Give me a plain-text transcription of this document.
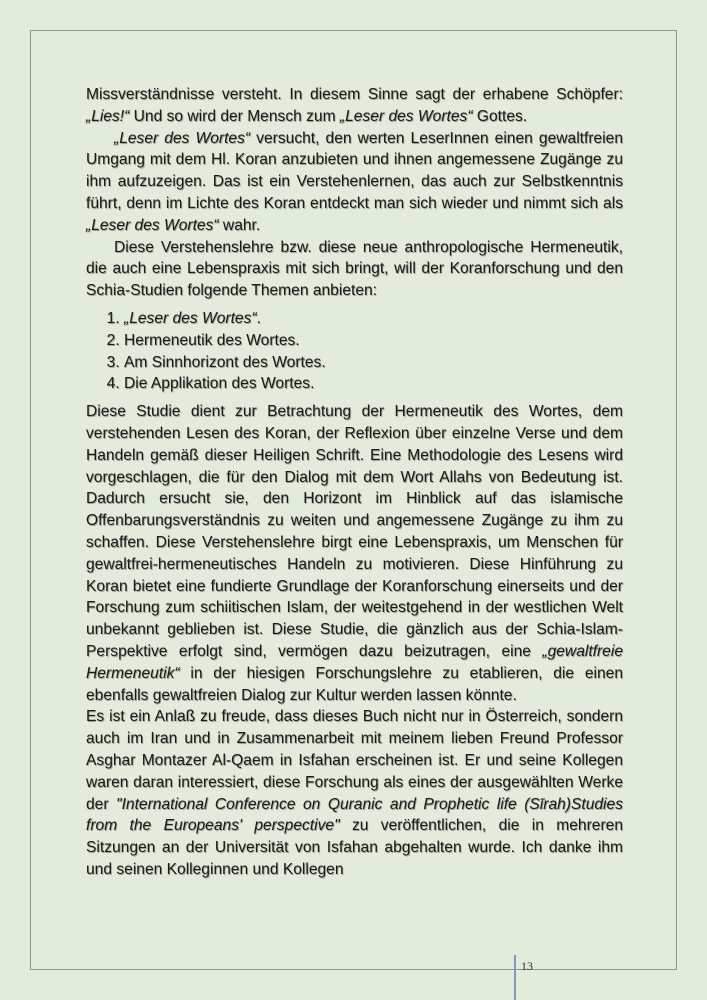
Missverständnisse versteht. In diesem Sinne sagt der erhabene Schöpfer: „Lies!“ Und so wird der Mensch zum „Leser des Wortes“ Gottes.

„Leser des Wortes“ versucht, den werten LeserInnen einen gewaltfreien Umgang mit dem Hl. Koran anzubieten und ihnen angemessene Zugänge zu ihm aufzuzeigen. Das ist ein Verstehenlernen, das auch zur Selbstkenntnis führt, denn im Lichte des Koran entdeckt man sich wieder und nimmt sich als „Leser des Wortes“ wahr.

Diese Verstehenslehre bzw. diese neue anthropologische Hermeneutik, die auch eine Lebenspraxis mit sich bringt, will der Koranforschung und den Schia-Studien folgende Themen anbieten:

1. „Leser des Wortes“.
2. Hermeneutik des Wortes.
3. Am Sinnhorizont des Wortes.
4. Die Applikation des Wortes.

Diese Studie dient zur Betrachtung der Hermeneutik des Wortes, dem verstehenden Lesen des Koran, der Reflexion über einzelne Verse und dem Handeln gemäß dieser Heiligen Schrift. Eine Methodologie des Lesens wird vorgeschlagen, die für den Dialog mit dem Wort Allahs von Bedeutung ist. Dadurch ersucht sie, den Horizont im Hinblick auf das islamische Offenbarungsverständnis zu weiten und angemessene Zugänge zu ihm zu schaffen. Diese Verstehenslehre birgt eine Lebenspraxis, um Menschen für gewaltfrei-hermeneutisches Handeln zu motivieren. Diese Hinführung zu Koran bietet eine fundierte Grundlage der Koranforschung einerseits und der Forschung zum schiitischen Islam, der weitestgehend in der westlichen Welt unbekannt geblieben ist. Diese Studie, die gänzlich aus der Schia-Islam-Perspektive erfolgt sind, vermögen dazu beizutragen, eine „gewaltfreie Hermeneutik“ in der hiesigen Forschungslehre zu etablieren, die einen ebenfalls gewaltfreien Dialog zur Kultur werden lassen könnte.

Es ist ein Anlaß zu freude, dass dieses Buch nicht nur in Österreich, sondern auch im Iran und in Zusammenarbeit mit meinem lieben Freund Professor Asghar Montazer Al-Qaem in Isfahan erscheinen ist. Er und seine Kollegen waren daran interessiert, diese Forschung als eines der ausgewählten Werke der "International Conference on Quranic and Prophetic life (Sīrah)Studies from the Europeans' perspective" zu veröffentlichen, die in mehreren Sitzungen an der Universität von Isfahan abgehalten wurde. Ich danke ihm und seinen Kolleginnen und Kollegen

13
